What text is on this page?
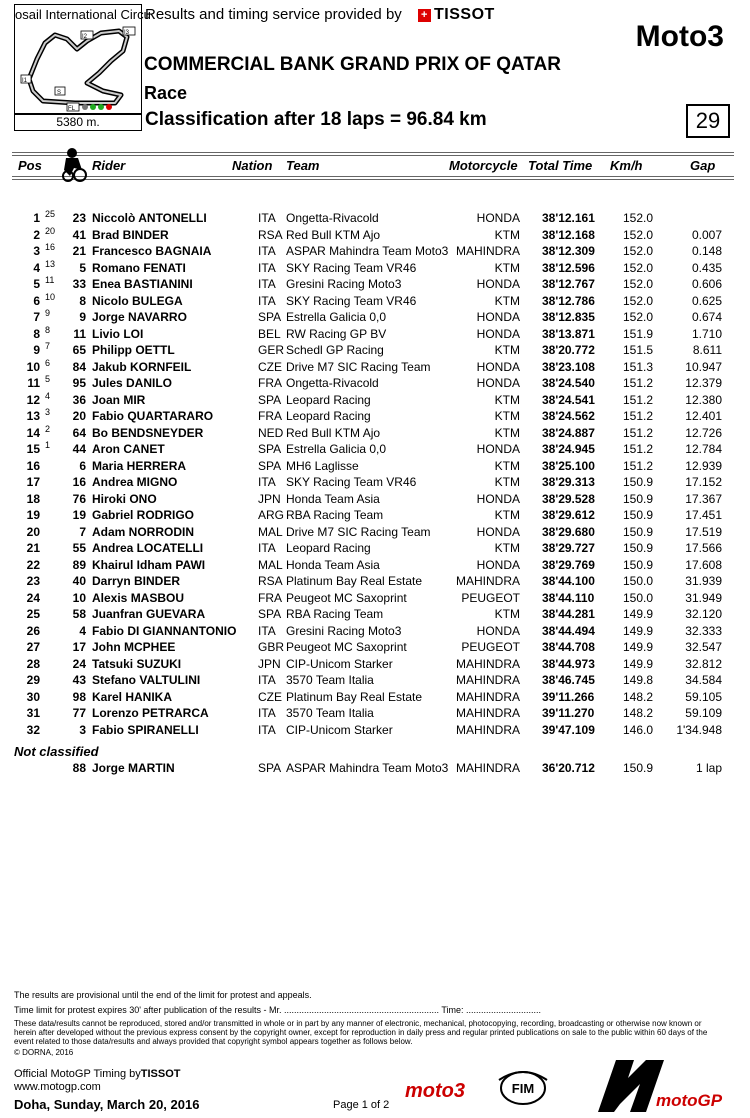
osail International Circu
I2
I3
I1
S
FL
5380 m.
Results and timing service provided by + TISSOT
Moto3
COMMERCIAL BANK GRAND PRIX OF QATAR
Race
Classification after 18 laps = 96.84 km	29
Pos	Rider	Nation Team	Motorcycle Total Time Km/h	Gap
1 25	23 Niccolò ANTONELLI	ITA Ongetta-Rivacold	HONDA 38'12.161 152.0
2 20	41 Brad BINDER	RSA Red Bull KTM Ajo	KTM 38'12.168 152.0	0.007
3 16	21 Francesco BAGNAIA	ITA ASPAR Mahindra Team Moto3 MAHINDRA 38'12.309 152.0	0.148
4 13	5 Romano FENATI	ITA SKY Racing Team VR46	KTM 38'12.596 152.0	0.435
5 11	33 Enea BASTIANINI	ITA Gresini Racing Moto3	HONDA 38'12.767 152.0	0.606
6 10	8 Nicolo BULEGA	ITA SKY Racing Team VR46	KTM 38'12.786 152.0	0.625
7 9	9 Jorge NAVARRO	SPA Estrella Galicia 0,0	HONDA 38'12.835 152.0	0.674
8 8	11 Livio LOI	BEL RW Racing GP BV	HONDA 38'13.871 151.9	1.710
9 7	65 Philipp OETTL	GER Schedl GP Racing	KTM 38'20.772 151.5	8.611
10 6	84 Jakub KORNFEIL	CZE Drive M7 SIC Racing Team	HONDA 38'23.108 151.3	10.947
11 5	95 Jules DANILO	FRA Ongetta-Rivacold	HONDA 38'24.540 151.2	12.379
12 4	36 Joan MIR	SPA Leopard Racing	KTM 38'24.541 151.2	12.380
13 3	20 Fabio QUARTARARO	FRA Leopard Racing	KTM 38'24.562 151.2	12.401
14 2	64 Bo BENDSNEYDER	NED Red Bull KTM Ajo	KTM 38'24.887 151.2	12.726
15 1	44 Aron CANET	SPA Estrella Galicia 0,0	HONDA 38'24.945 151.2	12.784
16	6 Maria HERRERA	SPA MH6 Laglisse	KTM 38'25.100 151.2	12.939
17	16 Andrea MIGNO	ITA SKY Racing Team VR46	KTM 38'29.313 150.9	17.152
18	76 Hiroki ONO	JPN Honda Team Asia	HONDA 38'29.528 150.9	17.367
19	19 Gabriel RODRIGO	ARG RBA Racing Team	KTM 38'29.612 150.9	17.451
20	7 Adam NORRODIN	MAL Drive M7 SIC Racing Team	HONDA 38'29.680 150.9	17.519
21	55 Andrea LOCATELLI	ITA Leopard Racing	KTM 38'29.727 150.9	17.566
22	89 Khairul Idham PAWI	MAL Honda Team Asia	HONDA 38'29.769 150.9	17.608
23	40 Darryn BINDER	RSA Platinum Bay Real Estate	MAHINDRA 38'44.100 150.0	31.939
24	10 Alexis MASBOU	FRA Peugeot MC Saxoprint	PEUGEOT 38'44.110 150.0	31.949
25	58 Juanfran GUEVARA	SPA RBA Racing Team	KTM 38'44.281 149.9	32.120
26	4 Fabio DI GIANNANTONIO ITA Gresini Racing Moto3	HONDA 38'44.494 149.9	32.333
27	17 John MCPHEE	GBR Peugeot MC Saxoprint	PEUGEOT 38'44.708 149.9	32.547
28	24 Tatsuki SUZUKI	JPN CIP-Unicom Starker	MAHINDRA 38'44.973 149.9	32.812
29	43 Stefano VALTULINI	ITA 3570 Team Italia	MAHINDRA 38'46.745 149.8	34.584
30	98 Karel HANIKA	CZE Platinum Bay Real Estate	MAHINDRA 39'11.266 148.2	59.105
31	77 Lorenzo PETRARCA	ITA 3570 Team Italia	MAHINDRA 39'11.270 148.2	59.109
32	3 Fabio SPIRANELLI	ITA CIP-Unicom Starker	MAHINDRA 39'47.109 146.0	1'34.948
Not classified
88 Jorge MARTIN	SPA ASPAR Mahindra Team Moto3 MAHINDRA 36'20.712 150.9	1 lap
The results are provisional until the end of the limit for protest and appeals.
Time limit for protest expires 30' after publication of the results - Mr. .............................................................. Time: ..............................
These data/results cannot be reproduced, stored and/or transmitted in whole or in part by any manner of electronic, mechanical, photocopying, recording, broadcasting or otherwise now known or herein after developed without the previous express consent by the copyright owner, except for reproduction in daily press and regular printed publications on sale to the public within 60 days of the event related to those data/results and always provided that copyright symbol appears together as follows below.
© DORNA, 2016
Official MotoGP Timing byTISSOT
www.motogp.com
Doha, Sunday, March 20, 2016	Page 1 of 2
moto3	FIM
motoGP
